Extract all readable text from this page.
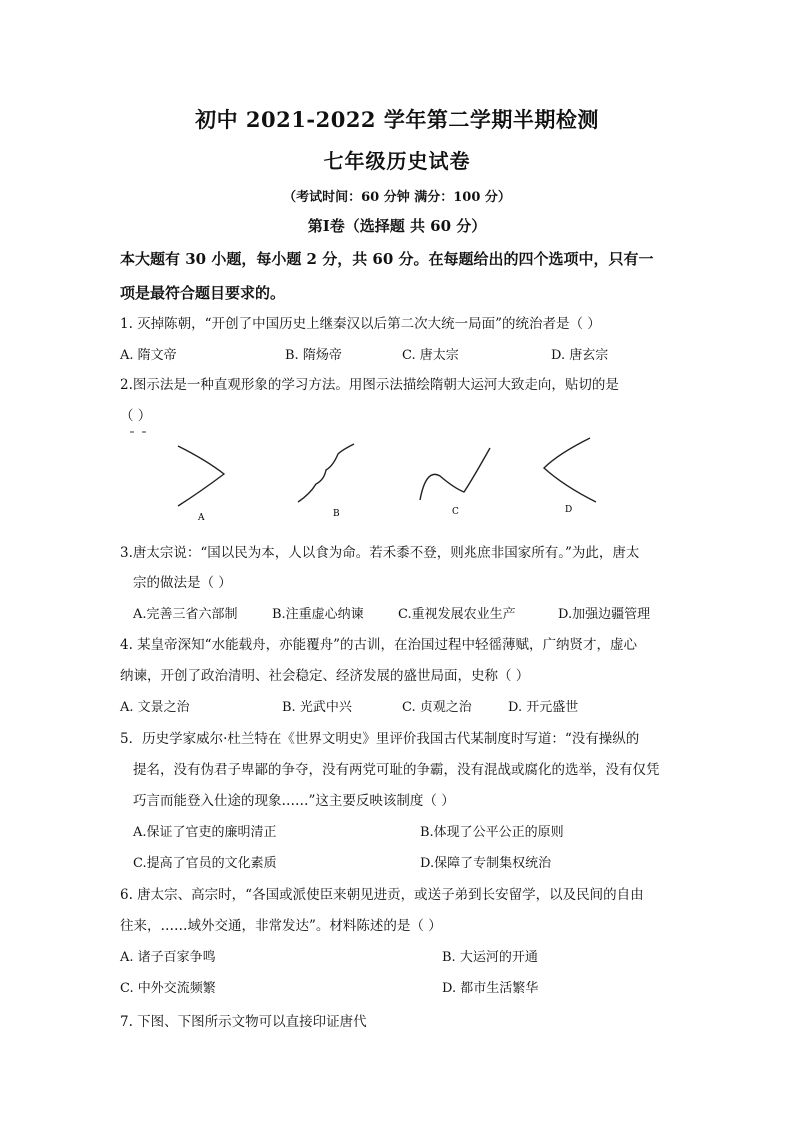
初中 2021-2022 学年第二学期半期检测
七年级历史试卷
（考试时间：60 分钟 满分：100 分）
第Ⅰ卷（选择题 共 60 分）
本大题有 30 小题，每小题 2 分，共 60 分。在每题给出的四个选项中，只有一
项是最符合题目要求的。
1. 灭掉陈朝，“开创了中国历史上继秦汉以后第二次大统一局面”的统治者是（ ）
A. 隋文帝	B. 隋炀帝	C. 唐太宗	D. 唐玄宗
2.图示法是一种直观形象的学习方法。用图示法描绘隋朝大运河大致走向，贴切的是
（ ）
A	B	C	D
3.唐太宗说：“国以民为本，人以食为命。若禾黍不登，则兆庶非国家所有。”为此，唐太
宗的做法是（ ）
A.完善三省六部制	B.注重虚心纳谏	C.重视发展农业生产	D.加强边疆管理
4. 某皇帝深知“水能载舟，亦能覆舟”的古训，在治国过程中轻徭薄赋，广纳贤才，虚心
纳谏，开创了政治清明、社会稳定、经济发展的盛世局面，史称（ ）
A. 文景之治	B. 光武中兴	C. 贞观之治	D. 开元盛世
5．历史学家威尔·杜兰特在《世界文明史》里评价我国古代某制度时写道：“没有操纵的
提名，没有伪君子卑鄙的争夺，没有两党可耻的争霸，没有混战或腐化的选举，没有仅凭
巧言而能登入仕途的现象……”这主要反映该制度（ ）
A.保证了官吏的廉明清正	B.体现了公平公正的原则
C.提高了官员的文化素质	D.保障了专制集权统治
6. 唐太宗、高宗时，“各国或派使臣来朝见进贡，或送子弟到长安留学，以及民间的自由
往来，……域外交通，非常发达”。材料陈述的是（ ）
A. 诸子百家争鸣	B. 大运河的开通
C. 中外交流频繁	D. 都市生活繁华
7. 下图、下图所示文物可以直接印证唐代
